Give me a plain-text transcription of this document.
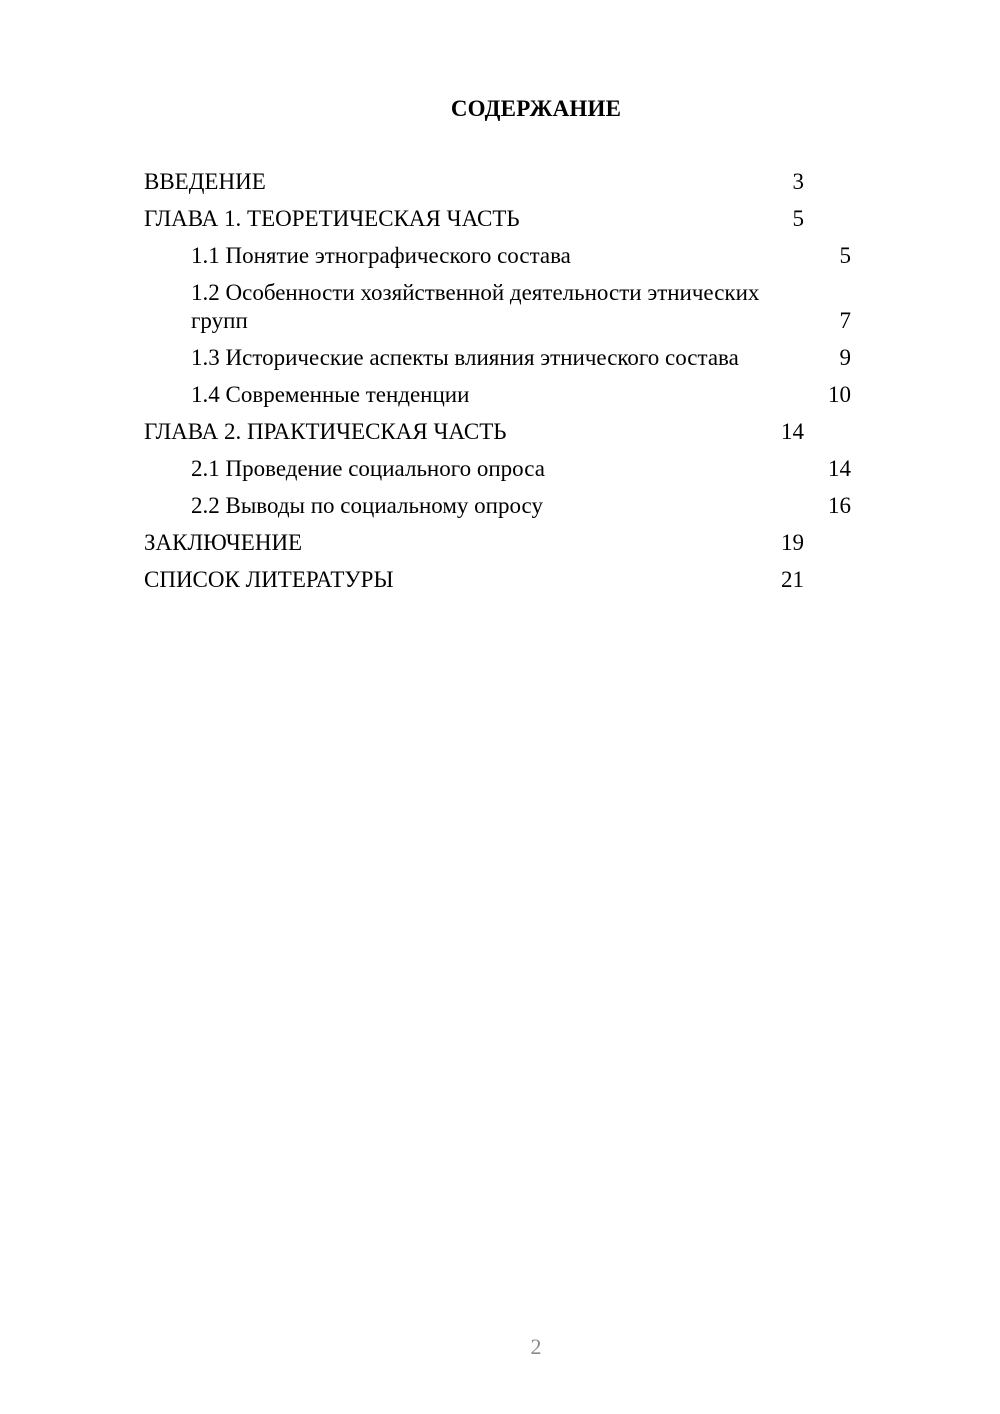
СОДЕРЖАНИЕ
ВВЕДЕНИЕ	3
ГЛАВА 1. ТЕОРЕТИЧЕСКАЯ ЧАСТЬ	5
1.1 Понятие этнографического состава	5
1.2 Особенности хозяйственной деятельности этнических групп	7
1.3 Исторические аспекты влияния этнического состава	9
1.4 Современные тенденции	10
ГЛАВА 2. ПРАКТИЧЕСКАЯ ЧАСТЬ	14
2.1 Проведение социального опроса	14
2.2 Выводы по социальному опросу	16
ЗАКЛЮЧЕНИЕ	19
СПИСОК ЛИТЕРАТУРЫ	21

2
